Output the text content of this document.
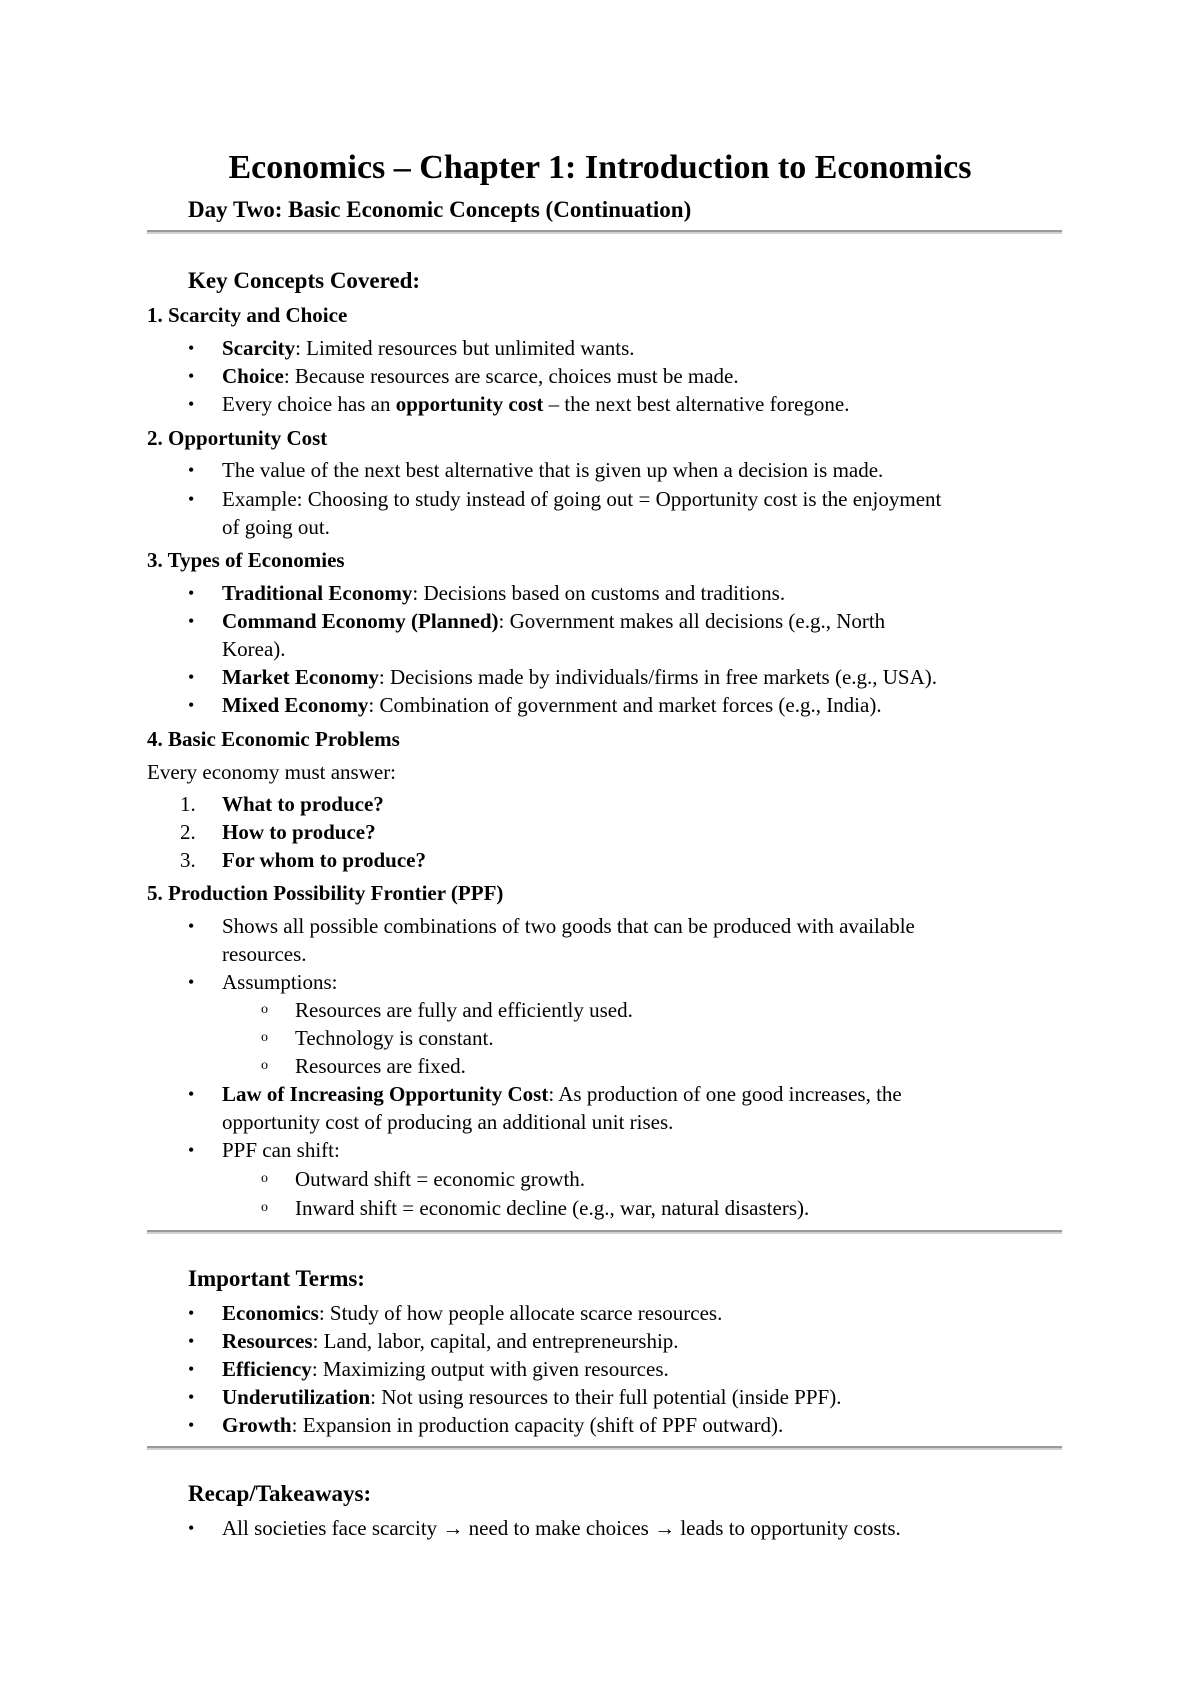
Economics – Chapter 1: Introduction to Economics
Day Two: Basic Economic Concepts (Continuation)
Key Concepts Covered:
1. Scarcity and Choice
• Scarcity: Limited resources but unlimited wants.
• Choice: Because resources are scarce, choices must be made.
• Every choice has an opportunity cost – the next best alternative foregone.
2. Opportunity Cost
• The value of the next best alternative that is given up when a decision is made.
• Example: Choosing to study instead of going out = Opportunity cost is the enjoyment
of going out.
3. Types of Economies
• Traditional Economy: Decisions based on customs and traditions.
• Command Economy (Planned): Government makes all decisions (e.g., North
Korea).
• Market Economy: Decisions made by individuals/firms in free markets (e.g., USA).
• Mixed Economy: Combination of government and market forces (e.g., India).
4. Basic Economic Problems
Every economy must answer:
1. What to produce?
2. How to produce?
3. For whom to produce?
5. Production Possibility Frontier (PPF)
• Shows all possible combinations of two goods that can be produced with available
resources.
• Assumptions:
o Resources are fully and efficiently used.
o Technology is constant.
o Resources are fixed.
• Law of Increasing Opportunity Cost: As production of one good increases, the
opportunity cost of producing an additional unit rises.
• PPF can shift:
o Outward shift = economic growth.
o Inward shift = economic decline (e.g., war, natural disasters).
Important Terms:
• Economics: Study of how people allocate scarce resources.
• Resources: Land, labor, capital, and entrepreneurship.
• Efficiency: Maximizing output with given resources.
• Underutilization: Not using resources to their full potential (inside PPF).
• Growth: Expansion in production capacity (shift of PPF outward).
Recap/Takeaways:
• All societies face scarcity → need to make choices → leads to opportunity costs.
